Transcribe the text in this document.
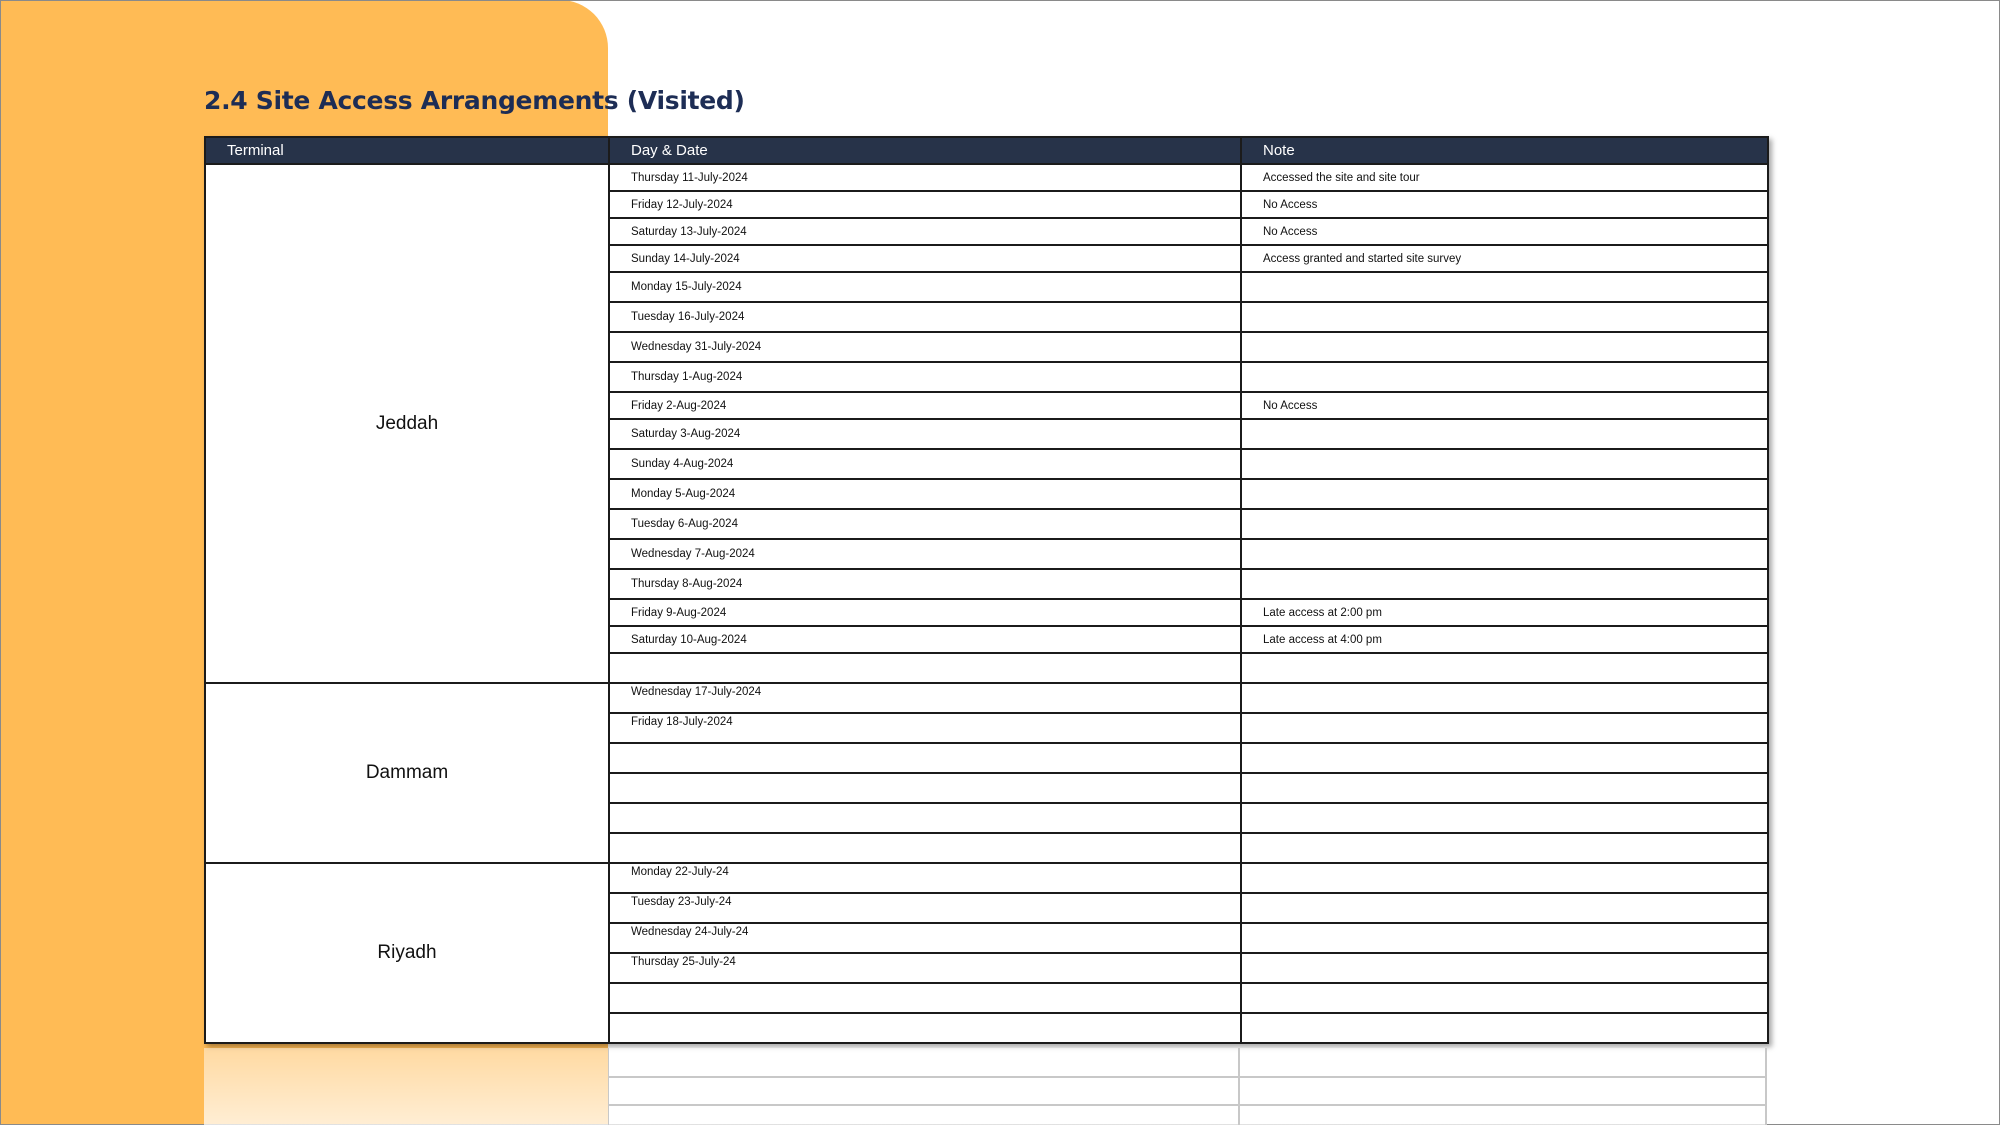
2.4 Site Access Arrangements (Visited)
Terminal	Day & Date	Note
Jeddah	Thursday 11-July-2024	Accessed the site and site tour
	Friday 12-July-2024	No Access
	Saturday 13-July-2024	No Access
	Sunday 14-July-2024	Access granted and started site survey
	Monday 15-July-2024	
	Tuesday 16-July-2024	
	Wednesday 31-July-2024	
	Thursday 1-Aug-2024	
	Friday 2-Aug-2024	No Access
	Saturday 3-Aug-2024	
	Sunday 4-Aug-2024	
	Monday 5-Aug-2024	
	Tuesday 6-Aug-2024	
	Wednesday 7-Aug-2024	
	Thursday 8-Aug-2024	
	Friday 9-Aug-2024	Late access at 2:00 pm
	Saturday 10-Aug-2024	Late access at 4:00 pm

Dammam	Wednesday 17-July-2024	
	Friday 18-July-2024	

Riyadh	Monday 22-July-24	
	Tuesday 23-July-24	
	Wednesday 24-July-24	
	Thursday 25-July-24	
